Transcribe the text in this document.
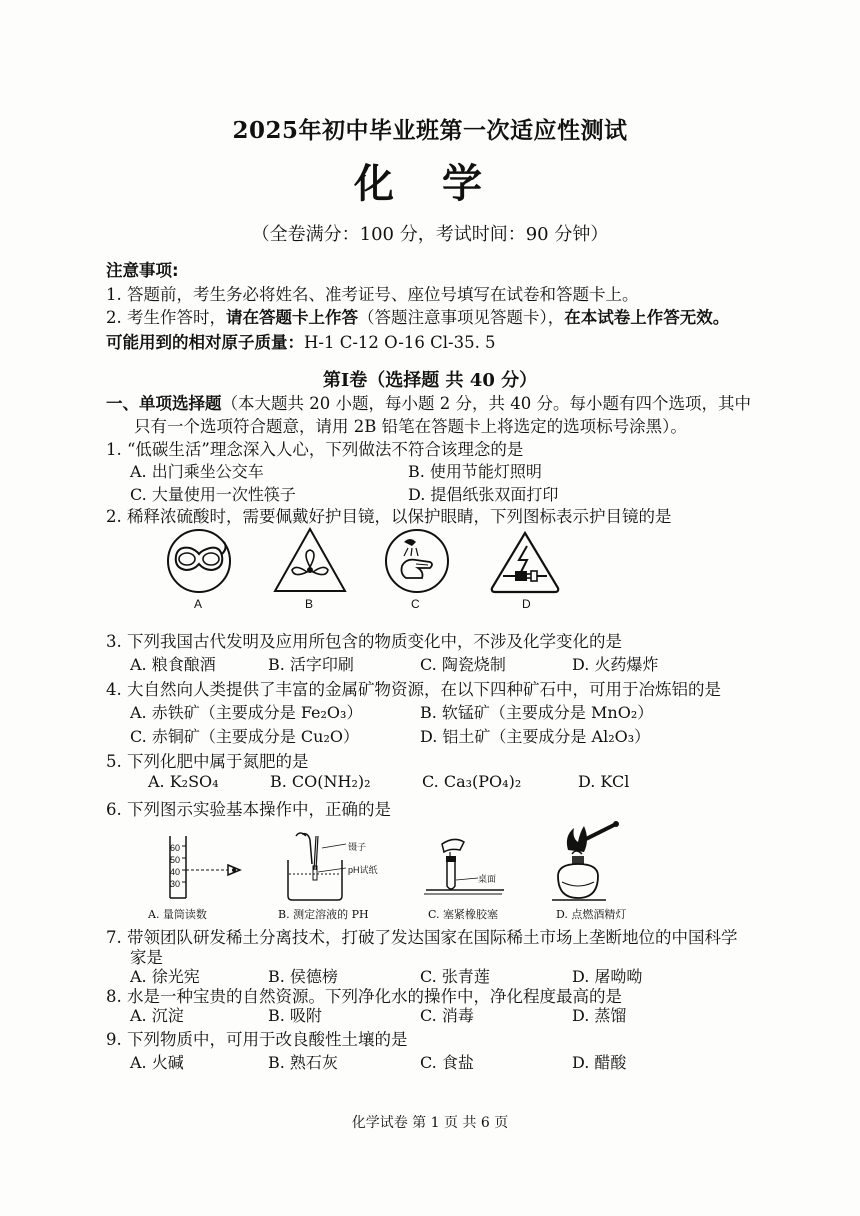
2025年初中毕业班第一次适应性测试
化学
（全卷满分：100 分，考试时间：90 分钟）
注意事项:
1. 答题前，考生务必将姓名、准考证号、座位号填写在试卷和答题卡上。
2. 考生作答时，请在答题卡上作答（答题注意事项见答题卡），在本试卷上作答无效。
可能用到的相对原子质量：H-1 C-12 O-16 Cl-35. 5
第Ⅰ卷（选择题 共 40 分）
一、单项选择题（本大题共 20 小题，每小题 2 分，共 40 分。每小题有四个选项，其中
只有一个选项符合题意，请用 2B 铅笔在答题卡上将选定的选项标号涂黑）。
1. “低碳生活”理念深入人心，下列做法不符合该理念的是
A. 出门乘坐公交车	B. 使用节能灯照明
C. 大量使用一次性筷子	D. 提倡纸张双面打印
2. 稀释浓硫酸时，需要佩戴好护目镜，以保护眼睛，下列图标表示护目镜的是
A	B	C	D
3. 下列我国古代发明及应用所包含的物质变化中，不涉及化学变化的是
A. 粮食酿酒	B. 活字印刷	C. 陶瓷烧制	D. 火药爆炸
4. 大自然向人类提供了丰富的金属矿物资源，在以下四种矿石中，可用于冶炼铝的是
A. 赤铁矿（主要成分是 Fe₂O₃）	B. 软锰矿（主要成分是 MnO₂）
C. 赤铜矿（主要成分是 Cu₂O）	D. 铝土矿（主要成分是 Al₂O₃）
5. 下列化肥中属于氮肥的是
A. K₂SO₄	B. CO(NH₂)₂	C. Ca₃(PO₄)₂	D. KCl
6. 下列图示实验基本操作中，正确的是
60
50
40
30
A. 量筒读数
镊子
pH试纸
B. 测定溶液的 PH
桌面
C. 塞紧橡胶塞	D. 点燃酒精灯
7. 带领团队研发稀土分离技术，打破了发达国家在国际稀土市场上垄断地位的中国科学
家是
A. 徐光宪	B. 侯德榜	C. 张青莲	D. 屠呦呦
8. 水是一种宝贵的自然资源。下列净化水的操作中，净化程度最高的是
A. 沉淀	B. 吸附	C. 消毒	D. 蒸馏
9. 下列物质中，可用于改良酸性土壤的是
A. 火碱	B. 熟石灰	C. 食盐	D. 醋酸
化学试卷 第 1 页 共 6 页
